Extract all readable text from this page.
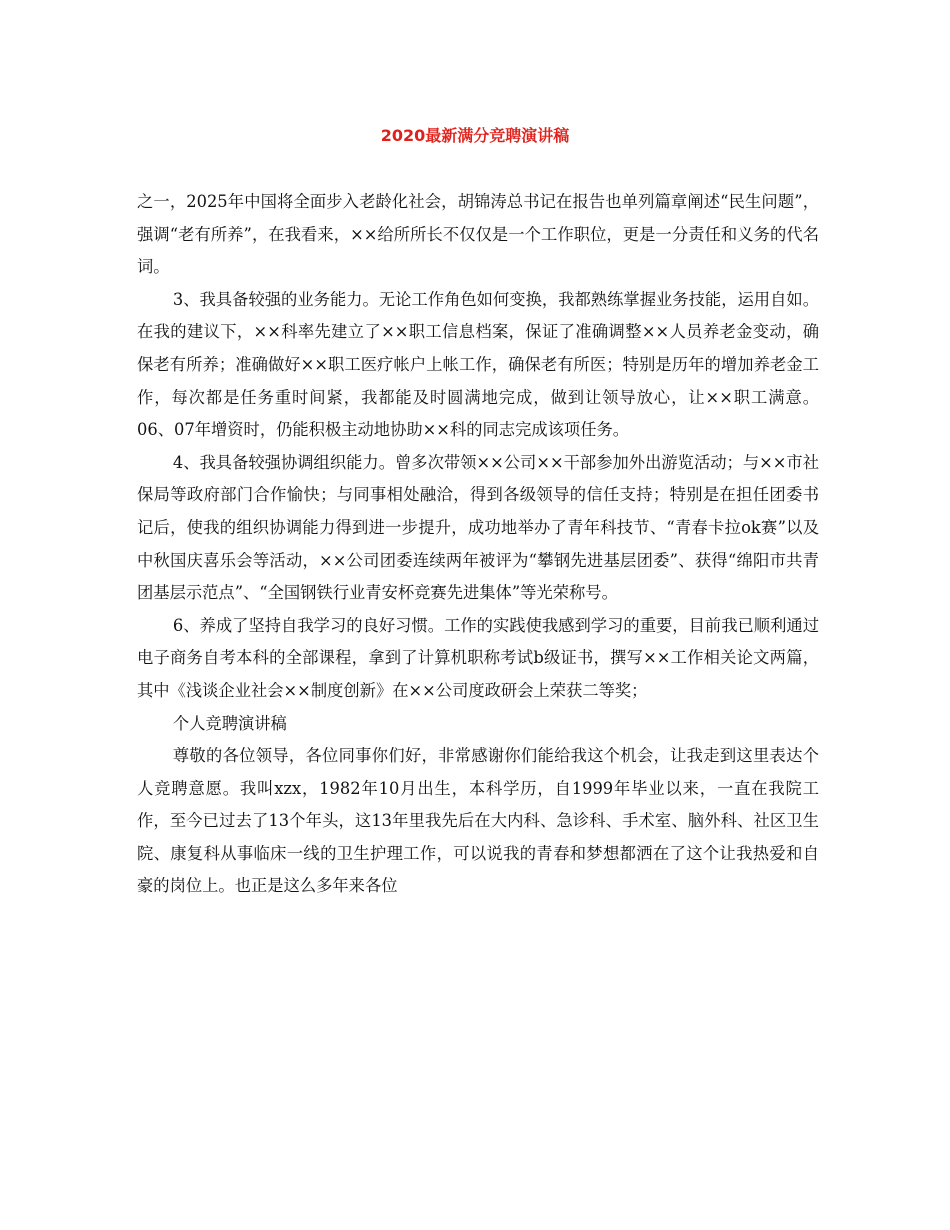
2020最新满分竞聘演讲稿

之一，2025年中国将全面步入老龄化社会，胡锦涛总书记在报告也单列篇章阐述“民生问题”，强调“老有所养”，在我看来，××给所所长不仅仅是一个工作职位，更是一分责任和义务的代名词。

3、我具备较强的业务能力。无论工作角色如何变换，我都熟练掌握业务技能，运用自如。在我的建议下，××科率先建立了××职工信息档案，保证了准确调整××人员养老金变动，确保老有所养；准确做好××职工医疗帐户上帐工作，确保老有所医；特别是历年的增加养老金工作，每次都是任务重时间紧，我都能及时圆满地完成，做到让领导放心，让××职工满意。06、07年增资时，仍能积极主动地协助××科的同志完成该项任务。

4、我具备较强协调组织能力。曾多次带领××公司××干部参加外出游览活动；与××市社保局等政府部门合作愉快；与同事相处融洽，得到各级领导的信任支持；特别是在担任团委书记后，使我的组织协调能力得到进一步提升，成功地举办了青年科技节、“青春卡拉ok赛”以及中秋国庆喜乐会等活动，××公司团委连续两年被评为“攀钢先进基层团委”、获得“绵阳市共青团基层示范点”、“全国钢铁行业青安杯竞赛先进集体”等光荣称号。

6、养成了坚持自我学习的良好习惯。工作的实践使我感到学习的重要，目前我已顺利通过电子商务自考本科的全部课程，拿到了计算机职称考试b级证书，撰写××工作相关论文两篇，其中《浅谈企业社会××制度创新》在××公司度政研会上荣获二等奖；

个人竞聘演讲稿

尊敬的各位领导，各位同事你们好，非常感谢你们能给我这个机会，让我走到这里表达个人竞聘意愿。我叫xzx，1982年10月出生，本科学历，自1999年毕业以来，一直在我院工作，至今已过去了13个年头，这13年里我先后在大内科、急诊科、手术室、脑外科、社区卫生院、康复科从事临床一线的卫生护理工作，可以说我的青春和梦想都洒在了这个让我热爱和自豪的岗位上。也正是这么多年来各位
